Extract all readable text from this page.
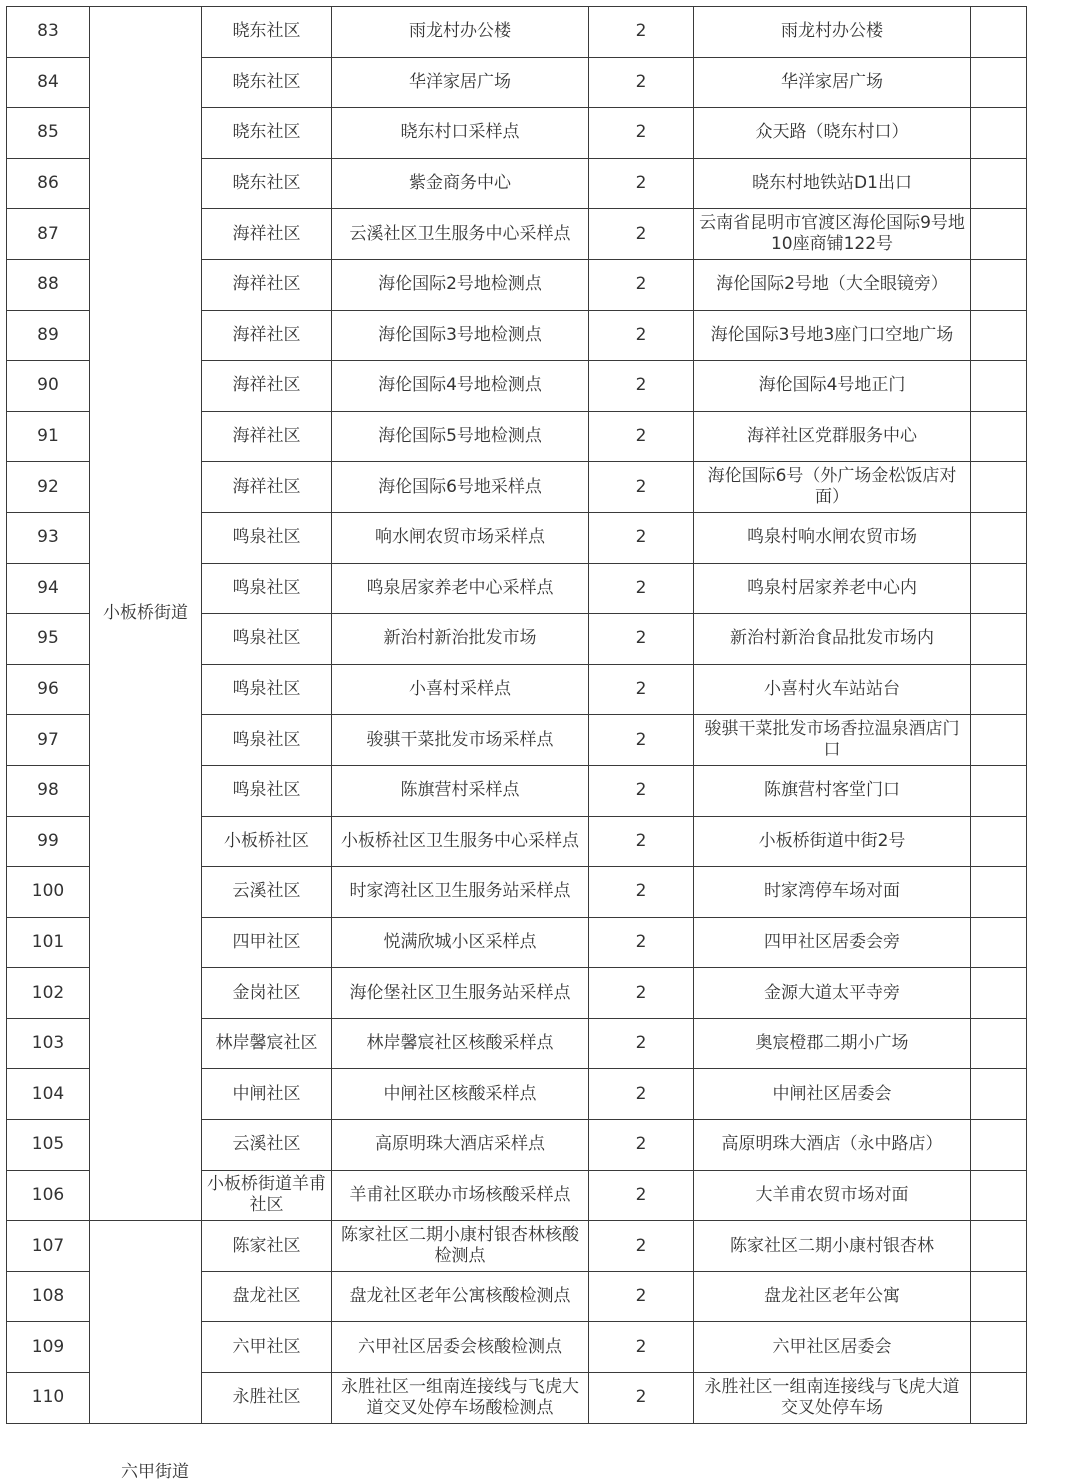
83	小板桥街道	晓东社区	雨龙村办公楼	2	雨龙村办公楼	
84		晓东社区	华洋家居广场	2	华洋家居广场	
85		晓东社区	晓东村口采样点	2	众天路（晓东村口）	
86		晓东社区	紫金商务中心	2	晓东村地铁站D1出口	
87		海祥社区	云溪社区卫生服务中心采样点	2	云南省昆明市官渡区海伦国际9号地10座商铺122号	
88		海祥社区	海伦国际2号地检测点	2	海伦国际2号地（大全眼镜旁）	
89		海祥社区	海伦国际3号地检测点	2	海伦国际3号地3座门口空地广场	
90		海祥社区	海伦国际4号地检测点	2	海伦国际4号地正门	
91		海祥社区	海伦国际5号地检测点	2	海祥社区党群服务中心	
92		海祥社区	海伦国际6号地采样点	2	海伦国际6号（外广场金松饭店对面）	
93		鸣泉社区	响水闸农贸市场采样点	2	鸣泉村响水闸农贸市场	
94		鸣泉社区	鸣泉居家养老中心采样点	2	鸣泉村居家养老中心内	
95		鸣泉社区	新治村新治批发市场	2	新治村新治食品批发市场内	
96		鸣泉社区	小喜村采样点	2	小喜村火车站站台	
97		鸣泉社区	骏骐干菜批发市场采样点	2	骏骐干菜批发市场香拉温泉酒店门口	
98		鸣泉社区	陈旗营村采样点	2	陈旗营村客堂门口	
99		小板桥社区	小板桥社区卫生服务中心采样点	2	小板桥街道中街2号	
100		云溪社区	时家湾社区卫生服务站采样点	2	时家湾停车场对面	
101		四甲社区	悦满欣城小区采样点	2	四甲社区居委会旁	
102		金岗社区	海伦堡社区卫生服务站采样点	2	金源大道太平寺旁	
103		林岸馨宸社区	林岸馨宸社区核酸采样点	2	奥宸橙郡二期小广场	
104		中闸社区	中闸社区核酸采样点	2	中闸社区居委会	
105		云溪社区	高原明珠大酒店采样点	2	高原明珠大酒店（永中路店）	
106		小板桥街道羊甫社区	羊甫社区联办市场核酸采样点	2	大羊甫农贸市场对面	
107		陈家社区	陈家社区二期小康村银杏林核酸检测点	2	陈家社区二期小康村银杏林	
108		盘龙社区	盘龙社区老年公寓核酸检测点	2	盘龙社区老年公寓	
109		六甲社区	六甲社区居委会核酸检测点	2	六甲社区居委会	
110		永胜社区	永胜社区一组南连接线与飞虎大道交叉处停车场酸检测点	2	永胜社区一组南连接线与飞虎大道交叉处停车场	
六甲街道
